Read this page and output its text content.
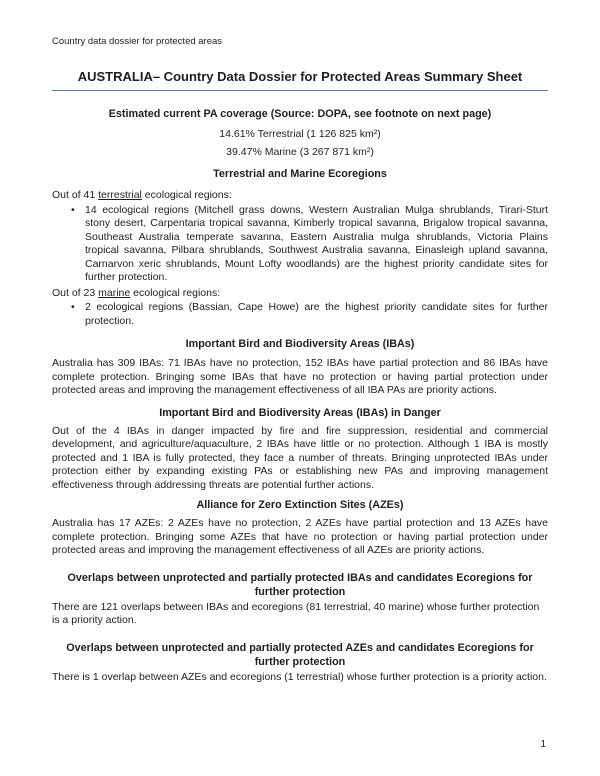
Country data dossier for protected areas
AUSTRALIA– Country Data Dossier for Protected Areas Summary Sheet
Estimated current PA coverage (Source: DOPA, see footnote on next page)
14.61% Terrestrial (1 126 825 km²)
39.47% Marine (3 267 871 km²)
Terrestrial and Marine Ecoregions
Out of 41 terrestrial ecological regions:
• 14 ecological regions (Mitchell grass downs, Western Australian Mulga shrublands, Tirari-Sturt stony desert, Carpentaria tropical savanna, Kimberly tropical savanna, Brigalow tropical savanna, Southeast Australia temperate savanna, Eastern Australia mulga shrublands, Victoria Plains tropical savanna, Pilbara shrublands, Southwest Australia savanna, Einasleigh upland savanna, Carnarvon xeric shrublands, Mount Lofty woodlands) are the highest priority candidate sites for further protection.
Out of 23 marine ecological regions:
• 2 ecological regions (Bassian, Cape Howe) are the highest priority candidate sites for further protection.
Important Bird and Biodiversity Areas (IBAs)
Australia has 309 IBAs: 71 IBAs have no protection, 152 IBAs have partial protection and 86 IBAs have complete protection. Bringing some IBAs that have no protection or having partial protection under protected areas and improving the management effectiveness of all IBA PAs are priority actions.
Important Bird and Biodiversity Areas (IBAs) in Danger
Out of the 4 IBAs in danger impacted by fire and fire suppression, residential and commercial development, and agriculture/aquaculture, 2 IBAs have little or no protection. Although 1 IBA is mostly protected and 1 IBA is fully protected, they face a number of threats. Bringing unprotected IBAs under protection either by expanding existing PAs or establishing new PAs and improving management effectiveness through addressing threats are potential further actions.
Alliance for Zero Extinction Sites (AZEs)
Australia has 17 AZEs: 2 AZEs have no protection, 2 AZEs have partial protection and 13 AZEs have complete protection. Bringing some AZEs that have no protection or having partial protection under protected areas and improving the management effectiveness of all AZEs are priority actions.
Overlaps between unprotected and partially protected IBAs and candidates Ecoregions for further protection
There are 121 overlaps between IBAs and ecoregions (81 terrestrial, 40 marine) whose further protection is a priority action.
Overlaps between unprotected and partially protected AZEs and candidates Ecoregions for further protection
There is 1 overlap between AZEs and ecoregions (1 terrestrial) whose further protection is a priority action.
1
